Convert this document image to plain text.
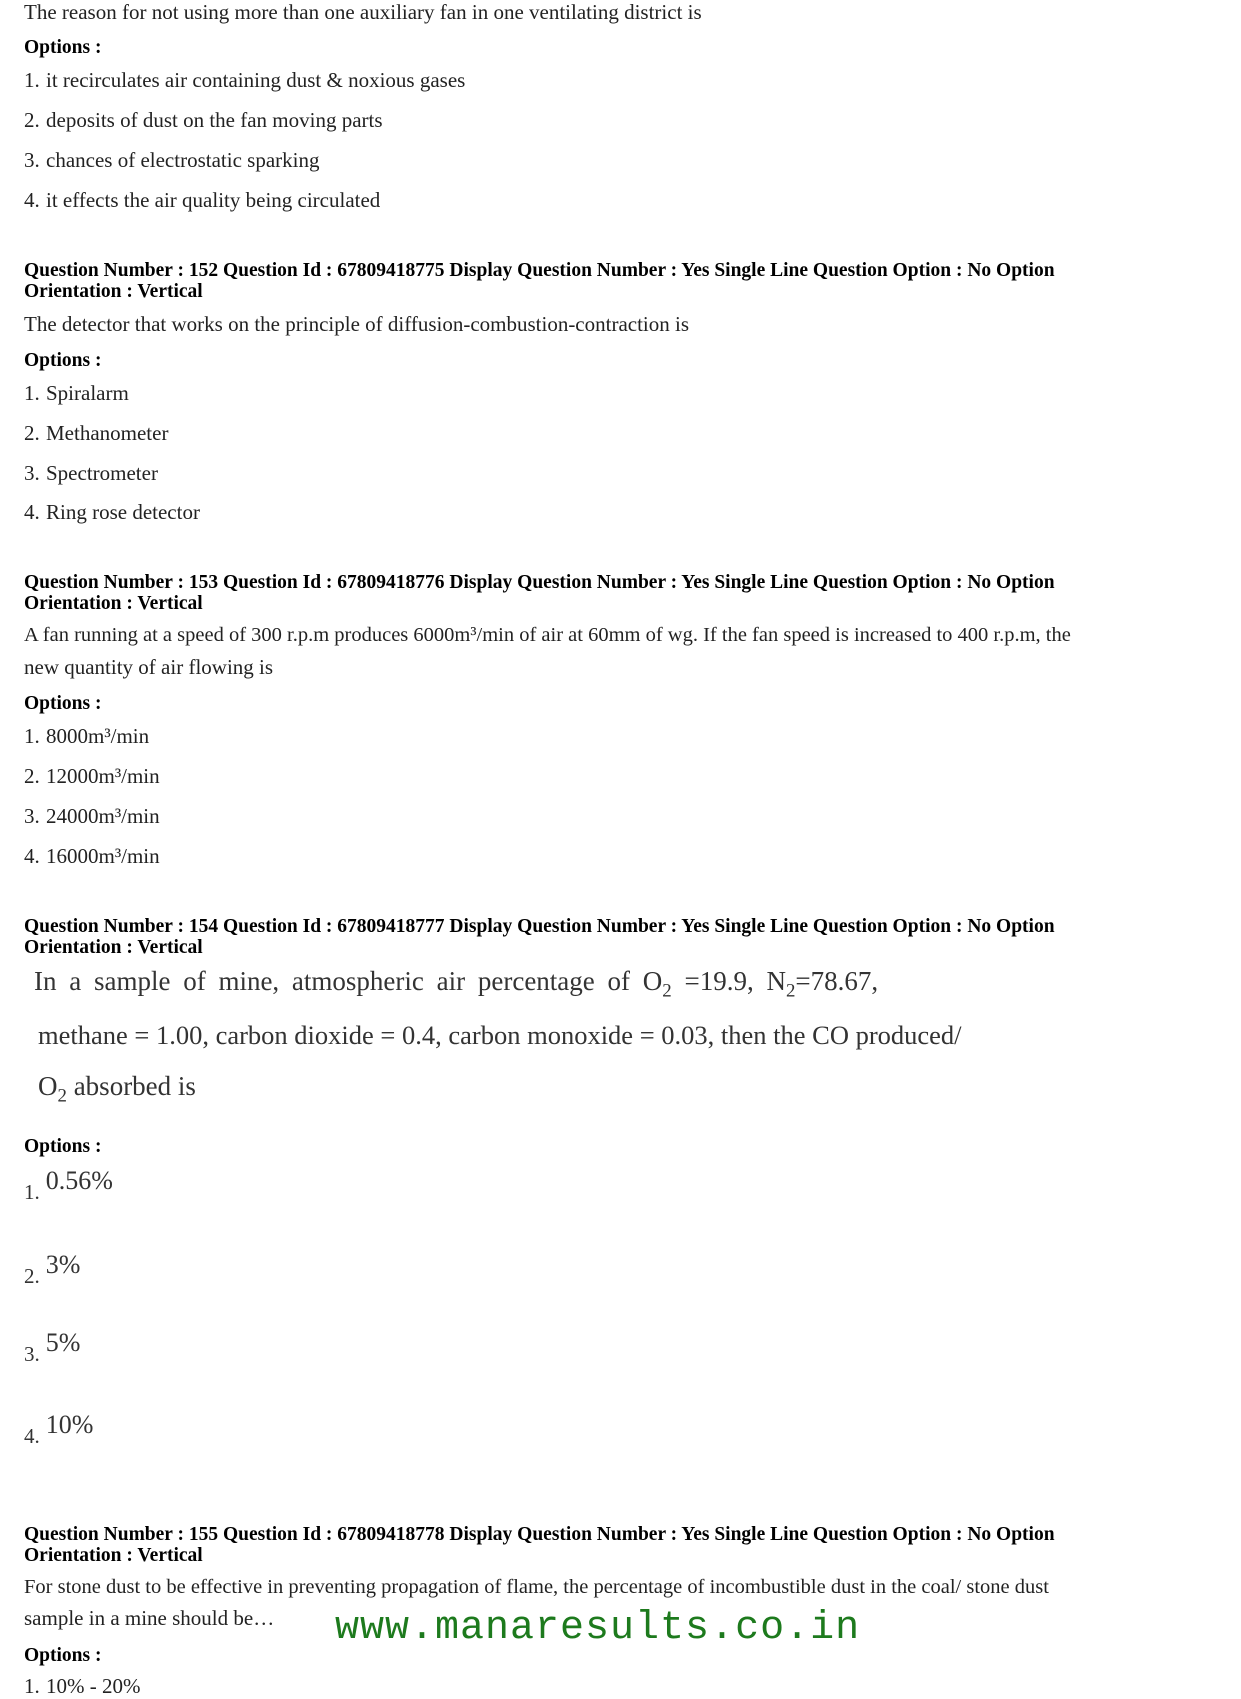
The reason for not using more than one auxiliary fan in one ventilating district is
Options :
1. it recirculates air containing dust & noxious gases
2. deposits of dust on the fan moving parts
3. chances of electrostatic sparking
4. it effects the air quality being circulated
Question Number : 152 Question Id : 67809418775 Display Question Number : Yes Single Line Question Option : No Option
Orientation : Vertical
The detector that works on the principle of diffusion-combustion-contraction is
Options :
1. Spiralarm
2. Methanometer
3. Spectrometer
4. Ring rose detector
Question Number : 153 Question Id : 67809418776 Display Question Number : Yes Single Line Question Option : No Option
Orientation : Vertical
A fan running at a speed of 300 r.p.m produces 6000m³/min of air at 60mm of wg. If the fan speed is increased to 400 r.p.m, the
new quantity of air flowing is
Options :
1. 8000m³/min
2. 12000m³/min
3. 24000m³/min
4. 16000m³/min
Question Number : 154 Question Id : 67809418777 Display Question Number : Yes Single Line Question Option : No Option
Orientation : Vertical
In a sample of mine, atmospheric air percentage of $O_2 =19.9$, $N_2=78.67$,
methane = 1.00, carbon dioxide = 0.4, carbon monoxide = 0.03, then the CO produced/
$O_2$ absorbed is
Options :
1. 0.56%
2. 3%
3. 5%
4. 10%
Question Number : 155 Question Id : 67809418778 Display Question Number : Yes Single Line Question Option : No Option
Orientation : Vertical
For stone dust to be effective in preventing propagation of flame, the percentage of incombustible dust in the coal/ stone dust
sample in a mine should be…
Options :
1. 10% - 20%
www.manaresults.co.in
